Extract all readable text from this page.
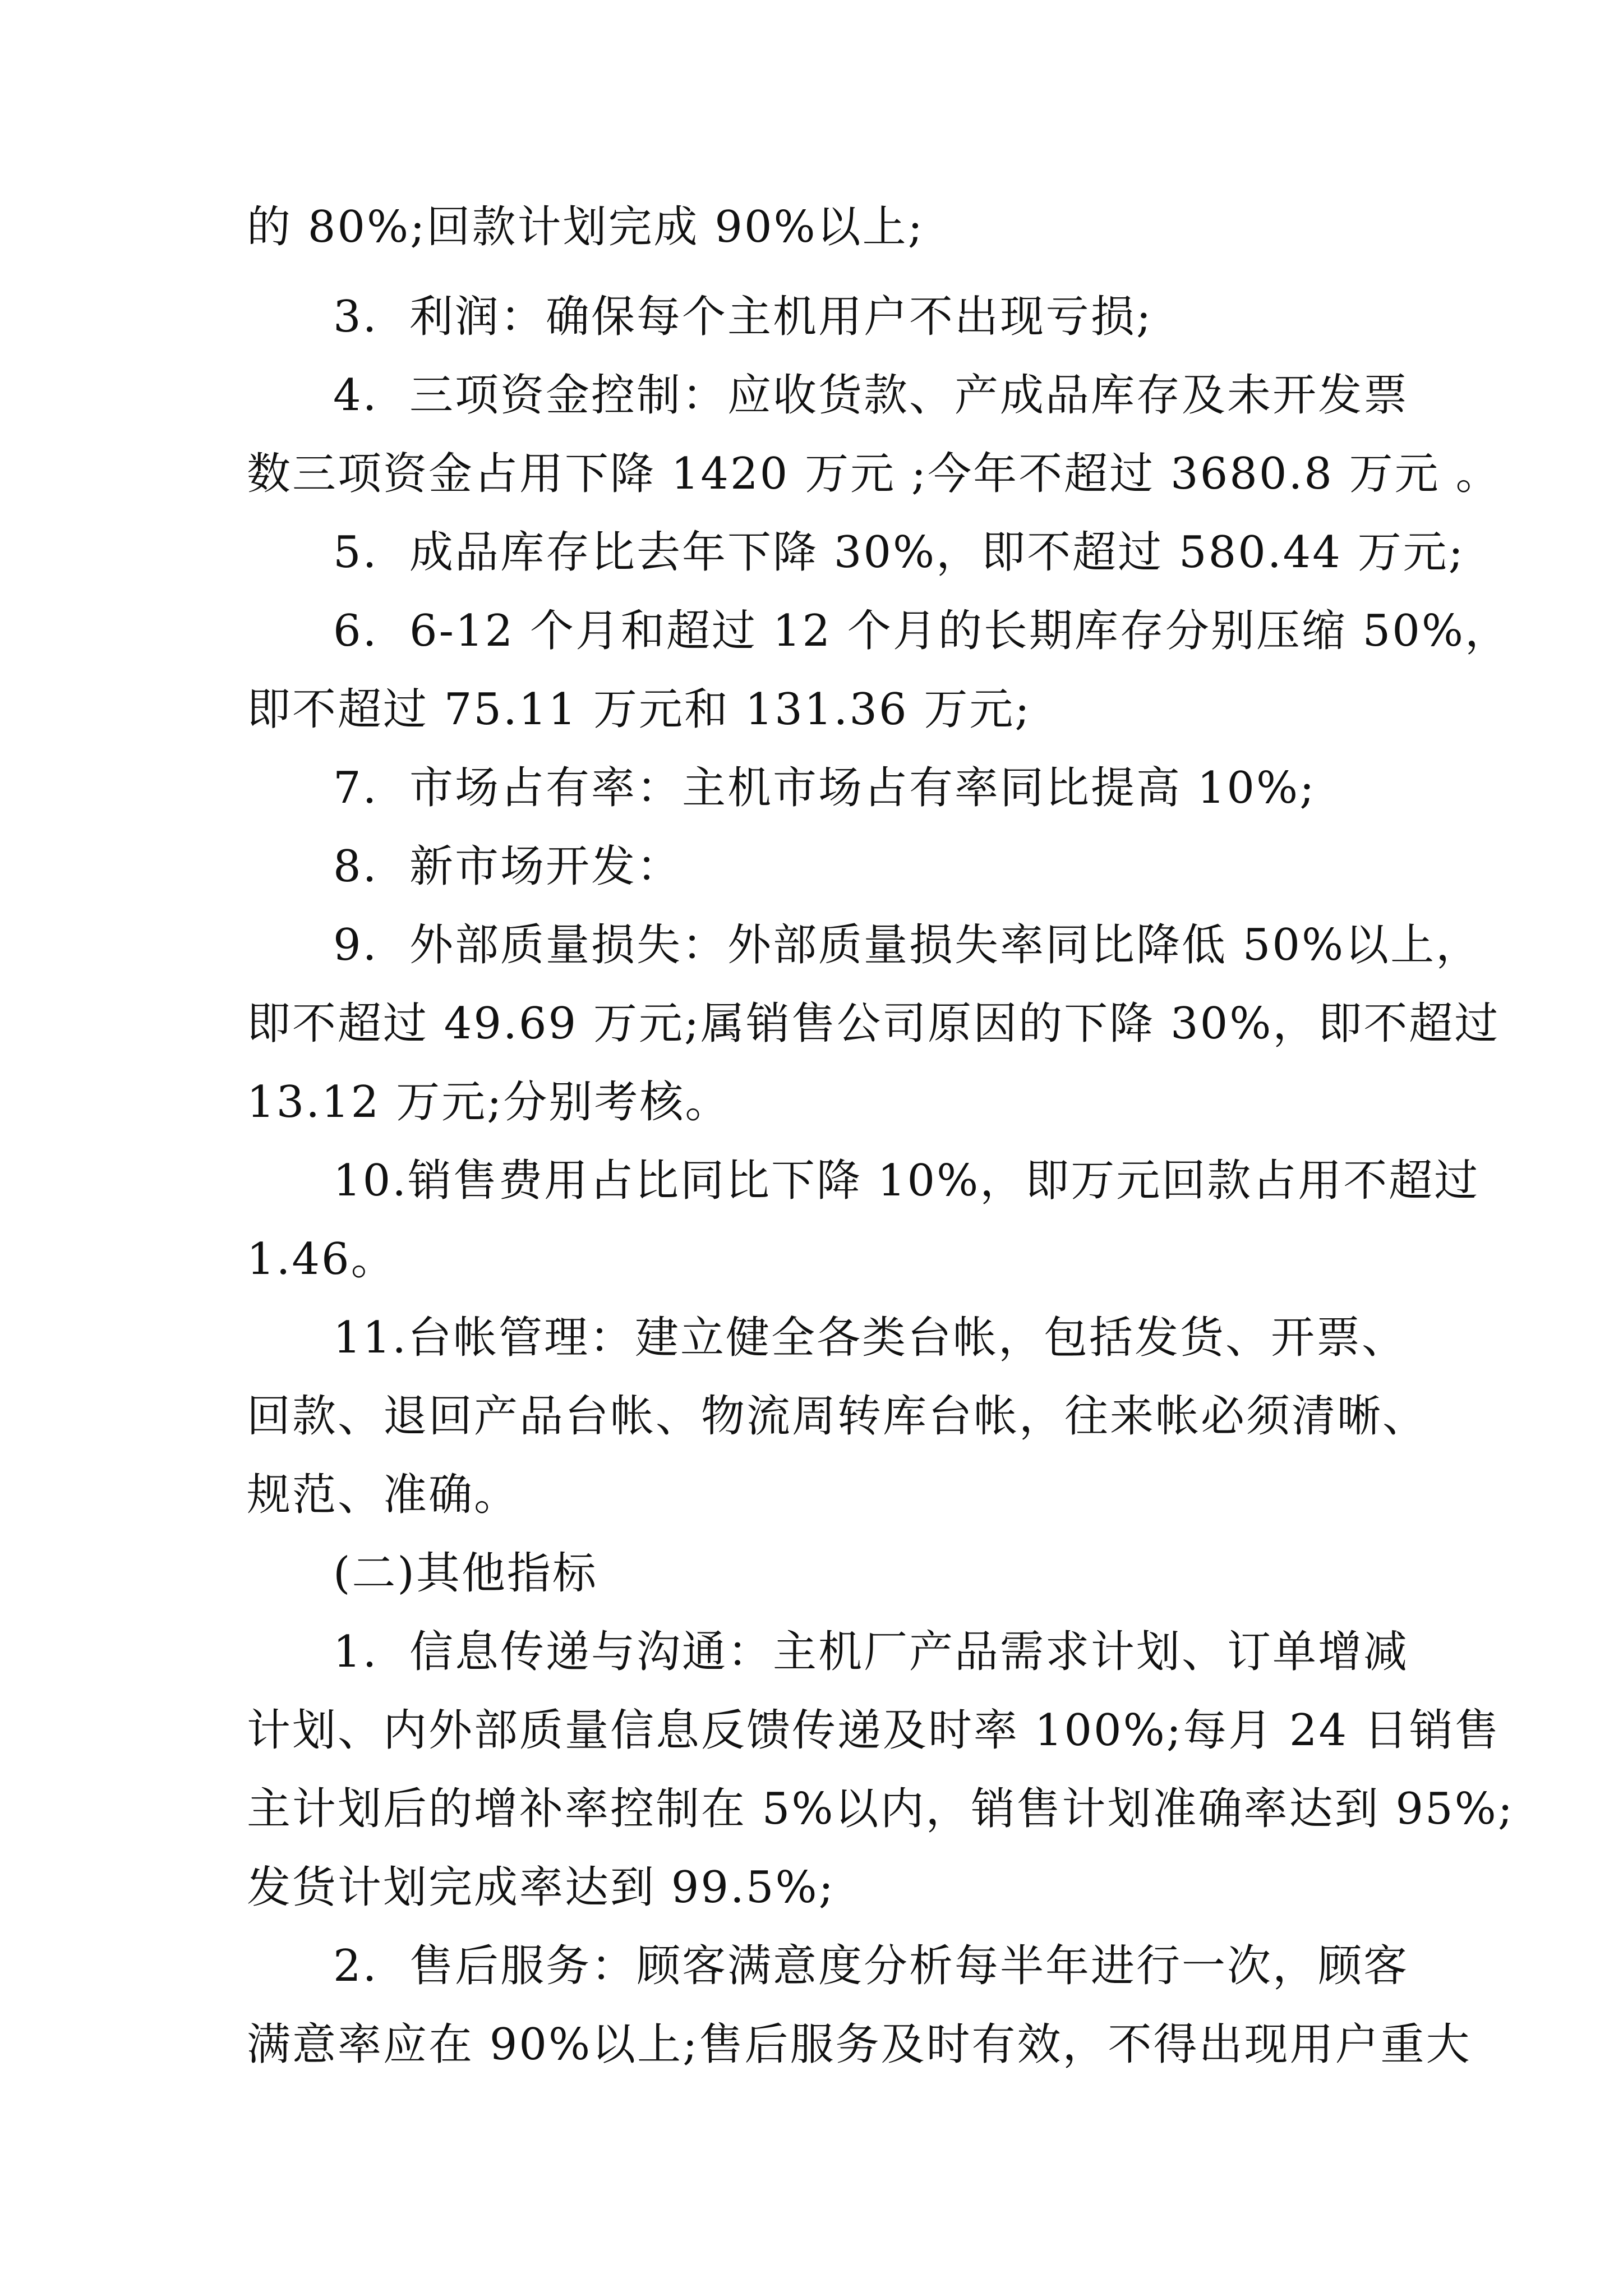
的 80%;回款计划完成 90%以上;
3.  利润：确保每个主机用户不出现亏损;
4.  三项资金控制：应收货款、产成品库存及未开发票
数三项资金占用下降 1420 万元 ;今年不超过 3680.8 万元 。
5.  成品库存比去年下降 30%，即不超过 580.44 万元;
6.  6-12 个月和超过 12 个月的长期库存分别压缩 50%，
即不超过 75.11 万元和 131.36 万元;
7.  市场占有率：主机市场占有率同比提高 10%;
8.  新市场开发：
9.  外部质量损失：外部质量损失率同比降低 50%以上，
即不超过 49.69 万元;属销售公司原因的下降 30%，即不超过
13.12 万元;分别考核。
10.销售费用占比同比下降 10%，即万元回款占用不超过
1.46。
11.台帐管理：建立健全各类台帐，包括发货、开票、
回款、退回产品台帐、物流周转库台帐，往来帐必须清晰、
规范、准确。
(二)其他指标
1.  信息传递与沟通：主机厂产品需求计划、订单增减
计划、内外部质量信息反馈传递及时率 100%;每月 24 日销售
主计划后的增补率控制在 5%以内，销售计划准确率达到 95%;
发货计划完成率达到 99.5%;
2.  售后服务：顾客满意度分析每半年进行一次，顾客
满意率应在 90%以上;售后服务及时有效，不得出现用户重大
